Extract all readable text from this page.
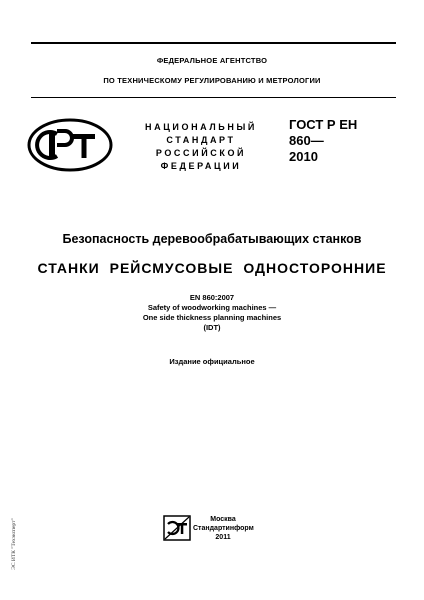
ФЕДЕРАЛЬНОЕ АГЕНТСТВО
ПО ТЕХНИЧЕСКОМУ РЕГУЛИРОВАНИЮ И МЕТРОЛОГИИ
НАЦИОНАЛЬНЫЙ
СТАНДАРТ
РОССИЙСКОЙ
ФЕДЕРАЦИИ
ГОСТ Р ЕН
860—
2010
Безопасность деревообрабатывающих станков
СТАНКИ РЕЙСМУСОВЫЕ ОДНОСТОРОННИЕ
EN 860:2007
Safety of woodworking machines —
One side thickness planning machines
(IDT)
Издание официальное
Москва
Стандартинформ
2011
ЭС ИТК "Техэксперт"
